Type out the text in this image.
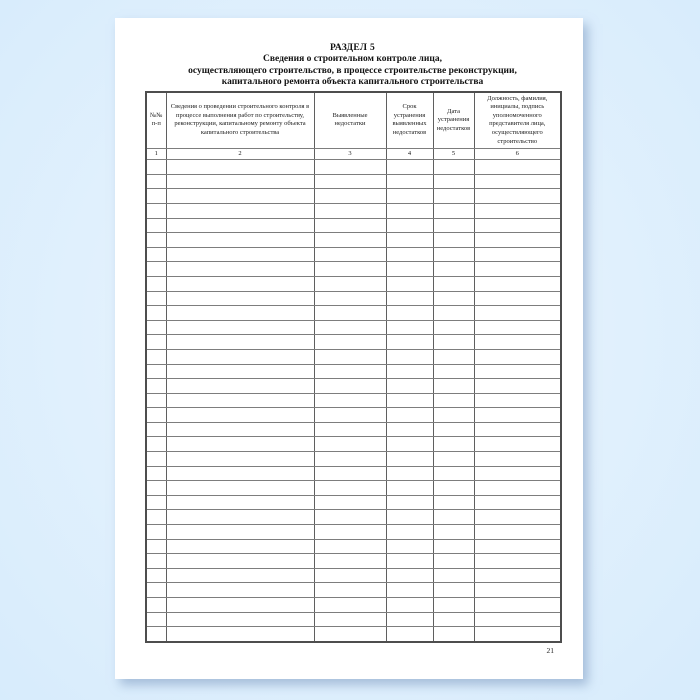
РАЗДЕЛ 5
Сведения о строительном контроле лица,
осуществляющего строительство, в процессе строительстве реконструкции,
капитального ремонта объекта капитального строительства
№№ п-п	Сведения о проведении строительного контроля в процессе выполнения работ по строительству, реконструкции, капитальному ремонту объекта капитального строительства	Выявленные недостатки	Срок устранения выявленных недостатков	Дата устранения недостатков	Должность, фамилия, инициалы, подпись уполномоченного представителя лица, осуществляющего строительство
1	2	3	4	5	6

21
